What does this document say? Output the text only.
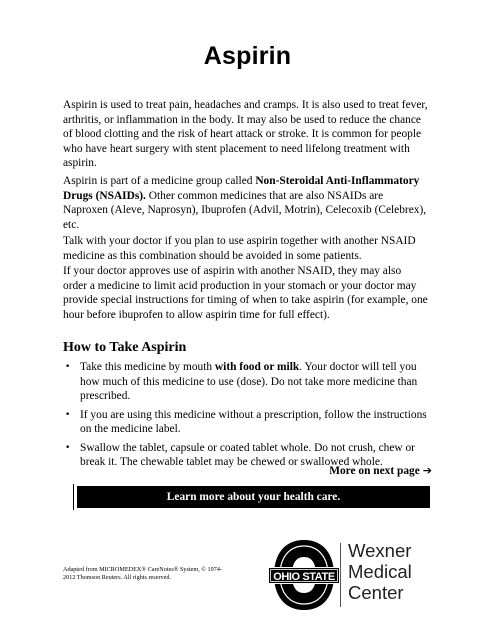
Aspirin

Aspirin is used to treat pain, headaches and cramps. It is also used to treat fever, arthritis, or inflammation in the body. It may also be used to reduce the chance of blood clotting and the risk of heart attack or stroke. It is common for people who have heart surgery with stent placement to need lifelong treatment with aspirin.

Aspirin is part of a medicine group called Non-Steroidal Anti-Inflammatory Drugs (NSAIDs). Other common medicines that are also NSAIDs are Naproxen (Aleve, Naprosyn), Ibuprofen (Advil, Motrin), Celecoxib (Celebrex), etc.

Talk with your doctor if you plan to use aspirin together with another NSAID medicine as this combination should be avoided in some patients.

If your doctor approves use of aspirin with another NSAID, they may also order a medicine to limit acid production in your stomach or your doctor may provide special instructions for timing of when to take aspirin (for example, one hour before ibuprofen to allow aspirin time for full effect).

How to Take Aspirin
• Take this medicine by mouth with food or milk. Your doctor will tell you how much of this medicine to use (dose). Do not take more medicine than prescribed.
• If you are using this medicine without a prescription, follow the instructions on the medicine label.
• Swallow the tablet, capsule or coated tablet whole. Do not crush, chew or break it. The chewable tablet may be chewed or swallowed whole.
More on next page ➔
Learn more about your health care.
Adapted from MICROMEDEX® CareNotes® System, © 1974-2012 Thomson Reuters. All rights reserved.	OHIO STATE
Wexner
Medical
Center
